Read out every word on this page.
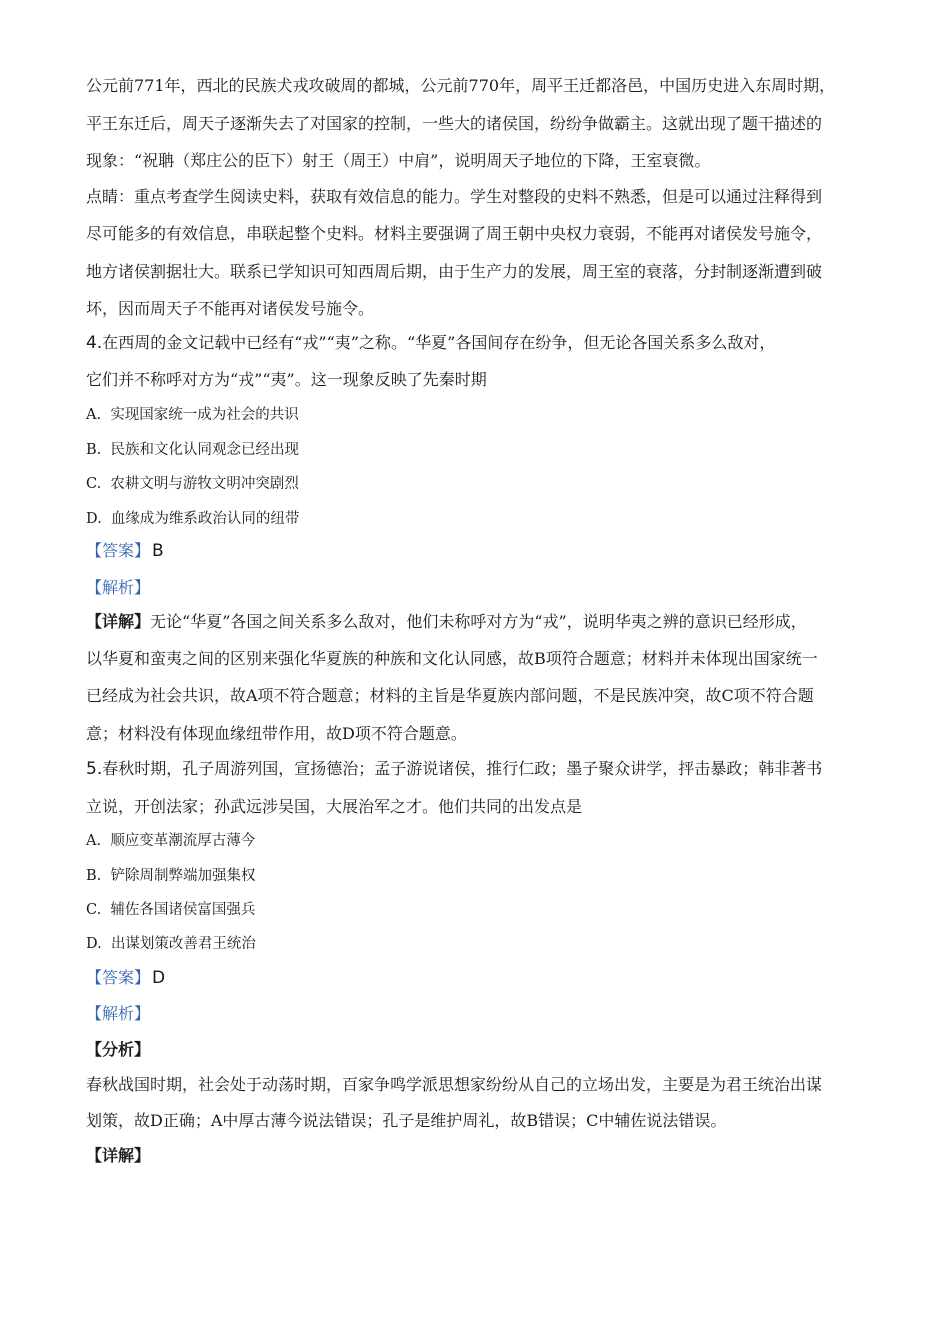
公元前771年，西北的民族犬戎攻破周的都城，公元前770年，周平王迁都洛邑，中国历史进入东周时期，
平王东迁后，周天子逐渐失去了对国家的控制，一些大的诸侯国，纷纷争做霸主。这就出现了题干描述的
现象：“祝聃（郑庄公的臣下）射王（周王）中肩”，说明周天子地位的下降，王室衰微。
点睛：重点考查学生阅读史料，获取有效信息的能力。学生对整段的史料不熟悉，但是可以通过注释得到
尽可能多的有效信息，串联起整个史料。材料主要强调了周王朝中央权力衰弱，不能再对诸侯发号施令，
地方诸侯割据壮大。联系已学知识可知西周后期，由于生产力的发展，周王室的衰落，分封制逐渐遭到破
坏，因而周天子不能再对诸侯发号施令。
4.在西周的金文记载中已经有“戎”“夷”之称。“华夏”各国间存在纷争，但无论各国关系多么敌对，
它们并不称呼对方为“戎”“夷”。这一现象反映了先秦时期
A. 实现国家统一成为社会的共识
B. 民族和文化认同观念已经出现
C. 农耕文明与游牧文明冲突剧烈
D. 血缘成为维系政治认同的纽带
【答案】 B
【解析】
【详解】无论“华夏”各国之间关系多么敌对，他们未称呼对方为“戎”，说明华夷之辨的意识已经形成，
以华夏和蛮夷之间的区别来强化华夏族的种族和文化认同感，故B项符合题意；材料并未体现出国家统一
已经成为社会共识，故A项不符合题意；材料的主旨是华夏族内部问题，不是民族冲突，故C项不符合题
意；材料没有体现血缘纽带作用，故D项不符合题意。
5.春秋时期，孔子周游列国，宣扬德治；孟子游说诸侯，推行仁政；墨子聚众讲学，抨击暴政；韩非著书
立说，开创法家；孙武远涉吴国，大展治军之才。他们共同的出发点是
A. 顺应变革潮流厚古薄今
B. 铲除周制弊端加强集权
C. 辅佐各国诸侯富国强兵
D. 出谋划策改善君王统治
【答案】 D
【解析】
【分析】
春秋战国时期，社会处于动荡时期，百家争鸣学派思想家纷纷从自己的立场出发，主要是为君王统治出谋
划策，故D正确；A中厚古薄今说法错误；孔子是维护周礼，故B错误；C中辅佐说法错误。
【详解】
